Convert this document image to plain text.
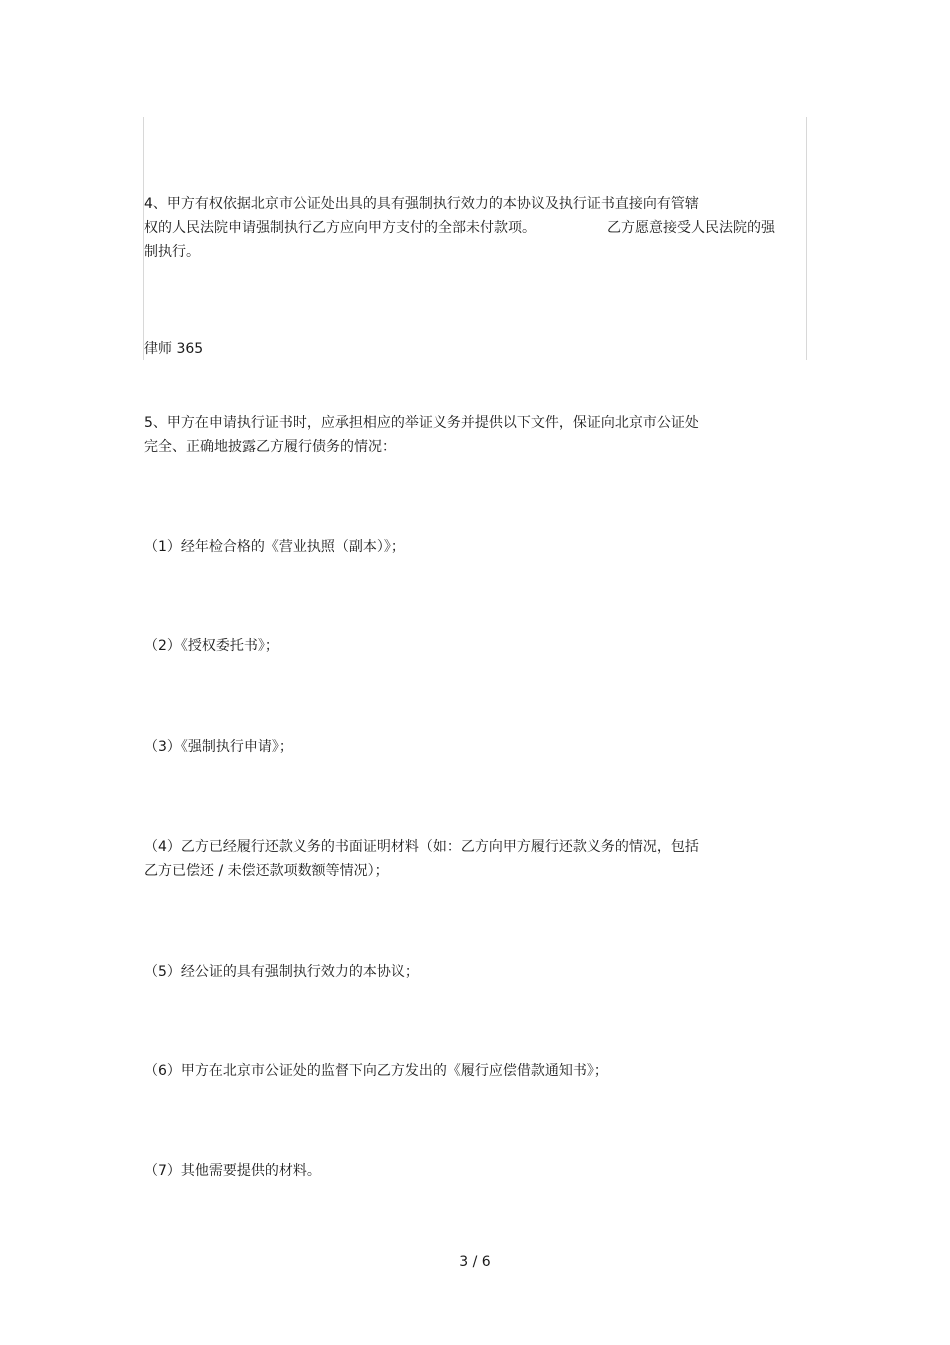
4、甲方有权依据北京市公证处出具的具有强制执行效力的本协议及执行证书直接向有管辖
权的人民法院申请强制执行乙方应向甲方支付的全部未付款项。	乙方愿意接受人民法院的强
制执行。
律师 365
5、甲方在申请执行证书时，应承担相应的举证义务并提供以下文件，保证向北京市公证处
完全、正确地披露乙方履行债务的情况：
（1）经年检合格的《营业执照（副本）》；
（2）《授权委托书》；
（3）《强制执行申请》；
（4）乙方已经履行还款义务的书面证明材料（如：乙方向甲方履行还款义务的情况，包括
乙方已偿还 / 未偿还款项数额等情况）；
（5）经公证的具有强制执行效力的本协议；
（6）甲方在北京市公证处的监督下向乙方发出的《履行应偿借款通知书》；
（7）其他需要提供的材料。
3 / 6
